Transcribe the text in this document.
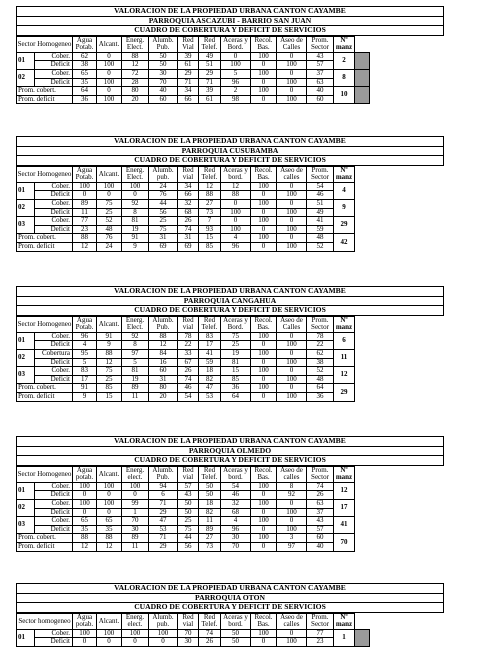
VALORACION DE LA PROPIEDAD URBANA CANTON CAYAMBE
PARROQUIA ASCAZUBI - BARRIO SAN JUAN
CUADRO DE COBERTURA Y DEFICIT DE SERVICIOS
Sector Homogeneo		Agua Potab.	Alcant.	Energ. Elect.	Alumb. Pub.	Red Vial	Red Telef.	Aceras y Bord.	Recol. Bas.	Aseo de Calles	Prom. Sector	Nº manz	
01	Cober.	62	0	88	50	39	49	0	100	0	43	2	
	Deficit	38	100	12	50	61	51	100	0	100	57		
02	Cober.	65	0	72	30	29	29	5	100	0	37	8	
	Deficit	35	100	28	70	71	71	96	0	100	63		
Prom. cobert.		64	0	80	40	34	39	2	100	0	40	10	
Prom. deficit		36	100	20	60	66	61	98	0	100	60		
VALORACION DE LA PROPIEDAD URBANA CANTON CAYAMBE
PARROQUIA CUSUBAMBA
CUADRO DE COBERTURA Y DEFICIT DE SERVICIOS
Sector Homogeneo		Agua Potab.	Alcant.	Energ. Elect.	Alumb. pub.	Red vial	Red Telef.	Aceras y bord.	Recol. Bas.	Aseo de calles	Prom. Sector	Nº manz
01	Cober.	100	100	100	24	34	12	12	100	0	54	4
	Deficit	0	0	0	76	66	88	88	0	100	46	
02	Cober.	89	75	92	44	32	27	0	100	0	51	9
	Deficit	11	25	8	56	68	73	100	0	100	49	
03	Cober.	77	52	81	25	26	7	0	100	0	41	29
	Deficit	23	48	19	75	74	93	100	0	100	59	
Prom. cobert.		88	76	91	31	31	15	4	100	0	48	42
Prom. deficit		12	24	9	69	69	85	96	0	100	52	
VALORACION DE LA PROPIEDAD URBANA CANTON CAYAMBE
PARROQUIA CANGAHUA
CUADRO DE COBERTURA Y DEFICIT DE SERVICIOS
Sector Homogeneo		Agua Potab.	Alcant.	Energ. Elect.	Alumb. Pub.	Red vial	Red Telef.	Aceras y Bord.	Recol. Bas.	Aseo de Calles	Prom. Sector	Nº manz
01	Cober.	96	91	92	88	78	83	75	100	0	78	6
	Deficit	4	9	8	12	22	17	25	0	100	22	
02	Cobertura	95	88	97	84	33	41	19	100	0	62	11
	Deficit	5	12	5	16	67	59	81	0	100	38	
03	Cober.	83	75	81	60	26	18	15	100	0	52	12
	Deficit	17	25	19	31	74	82	85	0	100	48	
Prom. cobert.		91	85	89	80	46	47	36	100	0	64	29
Prom. deficit		9	15	11	20	54	53	64	0	100	36	
VALORACION DE LA PROPIEDAD URBANA CANTON CAYAMBE
PARROQUIA OLMEDO
CUADRO DE COBERTURA Y DEFICIT DE SERVICIOS
Sector Homogeneo		Agua potab.	Alcant.	Energ. elect.	Alumb. Pub.	Red vial	Red Telef.	Aceras y bord.	Recol. Bas.	Aseo de calles	Prom. Sector	Nº manz
01	Cober.	100	100	100	94	57	50	54	100	8	74	12
	Deficit	0	0	0	6	43	50	46	0	92	26	
02	Cober.	100	100	99	71	50	18	32	100	0	63	17
	Deficit	0	0	1	29	50	82	68	0	100	37	
03	Cober.	65	65	70	47	25	11	4	100	0	43	41
	Deficit	35	35	30	53	75	89	96	0	100	57	
Prom. cobert.		88	88	89	71	44	27	30	100	3	60	70
Prom. deficit		12	12	11	29	56	73	70	0	97	40	
VALORACION DE LA PROPIEDAD URBANA CANTON CAYAMBE
PARROQUIA OTON
CUADRO DE COBERTURA Y DEFICIT DE SERVICIOS
Sector homogeneo		Agua potab.	Alcant.	Energ. elect.	Alumb. pub.	Red vial	Red Telef.	Aceras y bord.	Recol. Bas.	Aseo de calles	Prom. Sector	Nº manz	
01	Cober.	100	100	100	100	70	74	50	100	0	77	1	
	Deficit	0	0	0	0	30	26	50	0	100	23		
